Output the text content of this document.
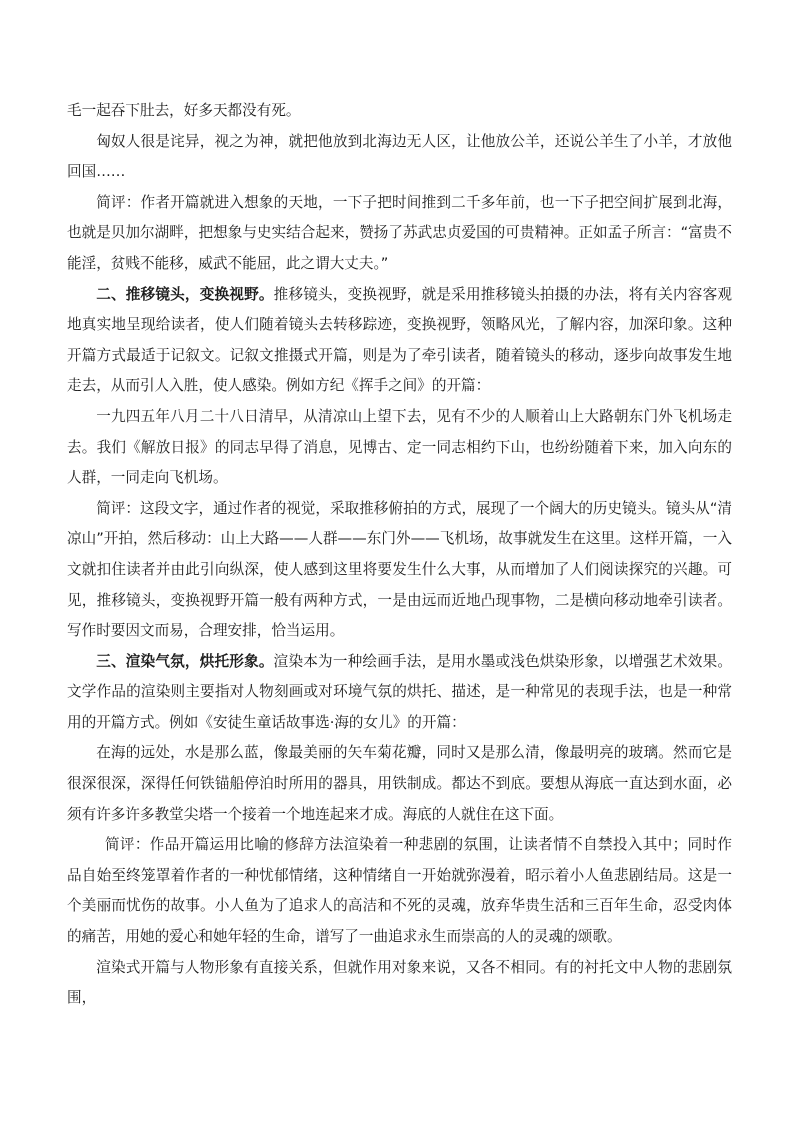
毛一起吞下肚去，好多天都没有死。

匈奴人很是诧异，视之为神，就把他放到北海边无人区，让他放公羊，还说公羊生了小羊，才放他回国……

简评：作者开篇就进入想象的天地，一下子把时间推到二千多年前，也一下子把空间扩展到北海，也就是贝加尔湖畔，把想象与史实结合起来，赞扬了苏武忠贞爱国的可贵精神。正如孟子所言：“富贵不能淫，贫贱不能移，威武不能屈，此之谓大丈夫。”

二、推移镜头，变换视野。推移镜头，变换视野，就是采用推移镜头拍摄的办法，将有关内容客观地真实地呈现给读者，使人们随着镜头去转移踪迹，变换视野，领略风光，了解内容，加深印象。这种开篇方式最适于记叙文。记叙文推摄式开篇，则是为了牵引读者，随着镜头的移动，逐步向故事发生地走去，从而引人入胜，使人感染。例如方纪《挥手之间》的开篇：

一九四五年八月二十八日清早，从清凉山上望下去，见有不少的人顺着山上大路朝东门外飞机场走去。我们《解放日报》的同志早得了消息，见博古、定一同志相约下山，也纷纷随着下来，加入向东的人群，一同走向飞机场。

简评：这段文字，通过作者的视觉，采取推移俯拍的方式，展现了一个阔大的历史镜头。镜头从“清凉山”开拍，然后移动：山上大路——人群——东门外——飞机场，故事就发生在这里。这样开篇，一入文就扣住读者并由此引向纵深，使人感到这里将要发生什么大事，从而增加了人们阅读探究的兴趣。可见，推移镜头，变换视野开篇一般有两种方式，一是由远而近地凸现事物，二是横向移动地牵引读者。写作时要因文而易，合理安排，恰当运用。

三、渲染气氛，烘托形象。渲染本为一种绘画手法，是用水墨或浅色烘染形象，以增强艺术效果。文学作品的渲染则主要指对人物刻画或对环境气氛的烘托、描述，是一种常见的表现手法，也是一种常用的开篇方式。例如《安徒生童话故事选·海的女儿》的开篇：

在海的远处，水是那么蓝，像最美丽的矢车菊花瓣，同时又是那么清，像最明亮的玻璃。然而它是很深很深，深得任何铁锚船停泊时所用的器具，用铁制成。都达不到底。要想从海底一直达到水面，必须有许多许多教堂尖塔一个接着一个地连起来才成。海底的人就住在这下面。

简评：作品开篇运用比喻的修辞方法渲染着一种悲剧的氛围，让读者情不自禁投入其中；同时作品自始至终笼罩着作者的一种忧郁情绪，这种情绪自一开始就弥漫着，昭示着小人鱼悲剧结局。这是一个美丽而忧伤的故事。小人鱼为了追求人的高洁和不死的灵魂，放弃华贵生活和三百年生命，忍受肉体的痛苦，用她的爱心和她年轻的生命，谱写了一曲追求永生而崇高的人的灵魂的颂歌。

渲染式开篇与人物形象有直接关系，但就作用对象来说，又各不相同。有的衬托文中人物的悲剧氛围，
